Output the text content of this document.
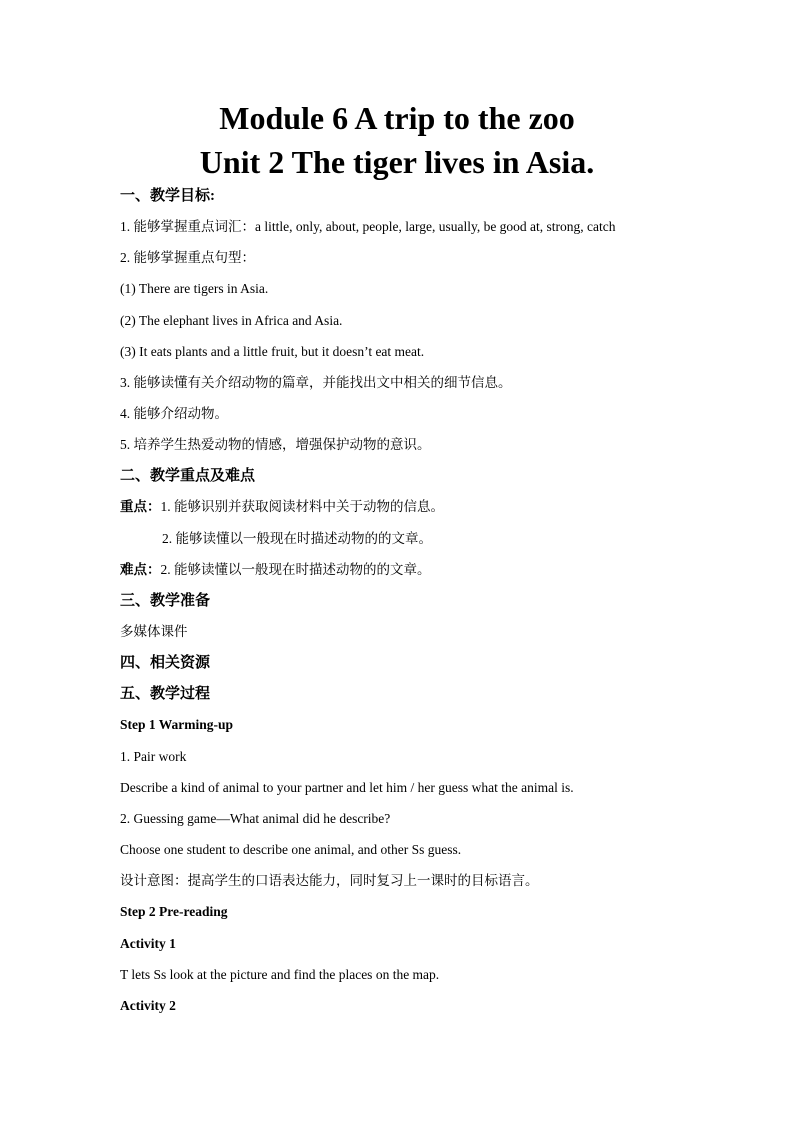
Module 6 A trip to the zoo
Unit 2 The tiger lives in Asia.
一、教学目标:
1. 能够掌握重点词汇：a little, only, about, people, large, usually, be good at, strong, catch
2. 能够掌握重点句型：
(1) There are tigers in Asia.
(2) The elephant lives in Africa and Asia.
(3) It eats plants and a little fruit, but it doesn’t eat meat.
3. 能够读懂有关介绍动物的篇章，并能找出文中相关的细节信息。
4. 能够介绍动物。
5. 培养学生热爱动物的情感，增强保护动物的意识。
二、教学重点及难点
重点：1. 能够识别并获取阅读材料中关于动物的信息。
2. 能够读懂以一般现在时描述动物的的文章。
难点：2. 能够读懂以一般现在时描述动物的的文章。
三、教学准备
多媒体课件
四、相关资源
五、教学过程
Step 1 Warming-up
1. Pair work
Describe a kind of animal to your partner and let him / her guess what the animal is.
2. Guessing game—What animal did he describe?
Choose one student to describe one animal, and other Ss guess.
设计意图：提高学生的口语表达能力，同时复习上一课时的目标语言。
Step 2 Pre-reading
Activity 1
T lets Ss look at the picture and find the places on the map.
Activity 2
